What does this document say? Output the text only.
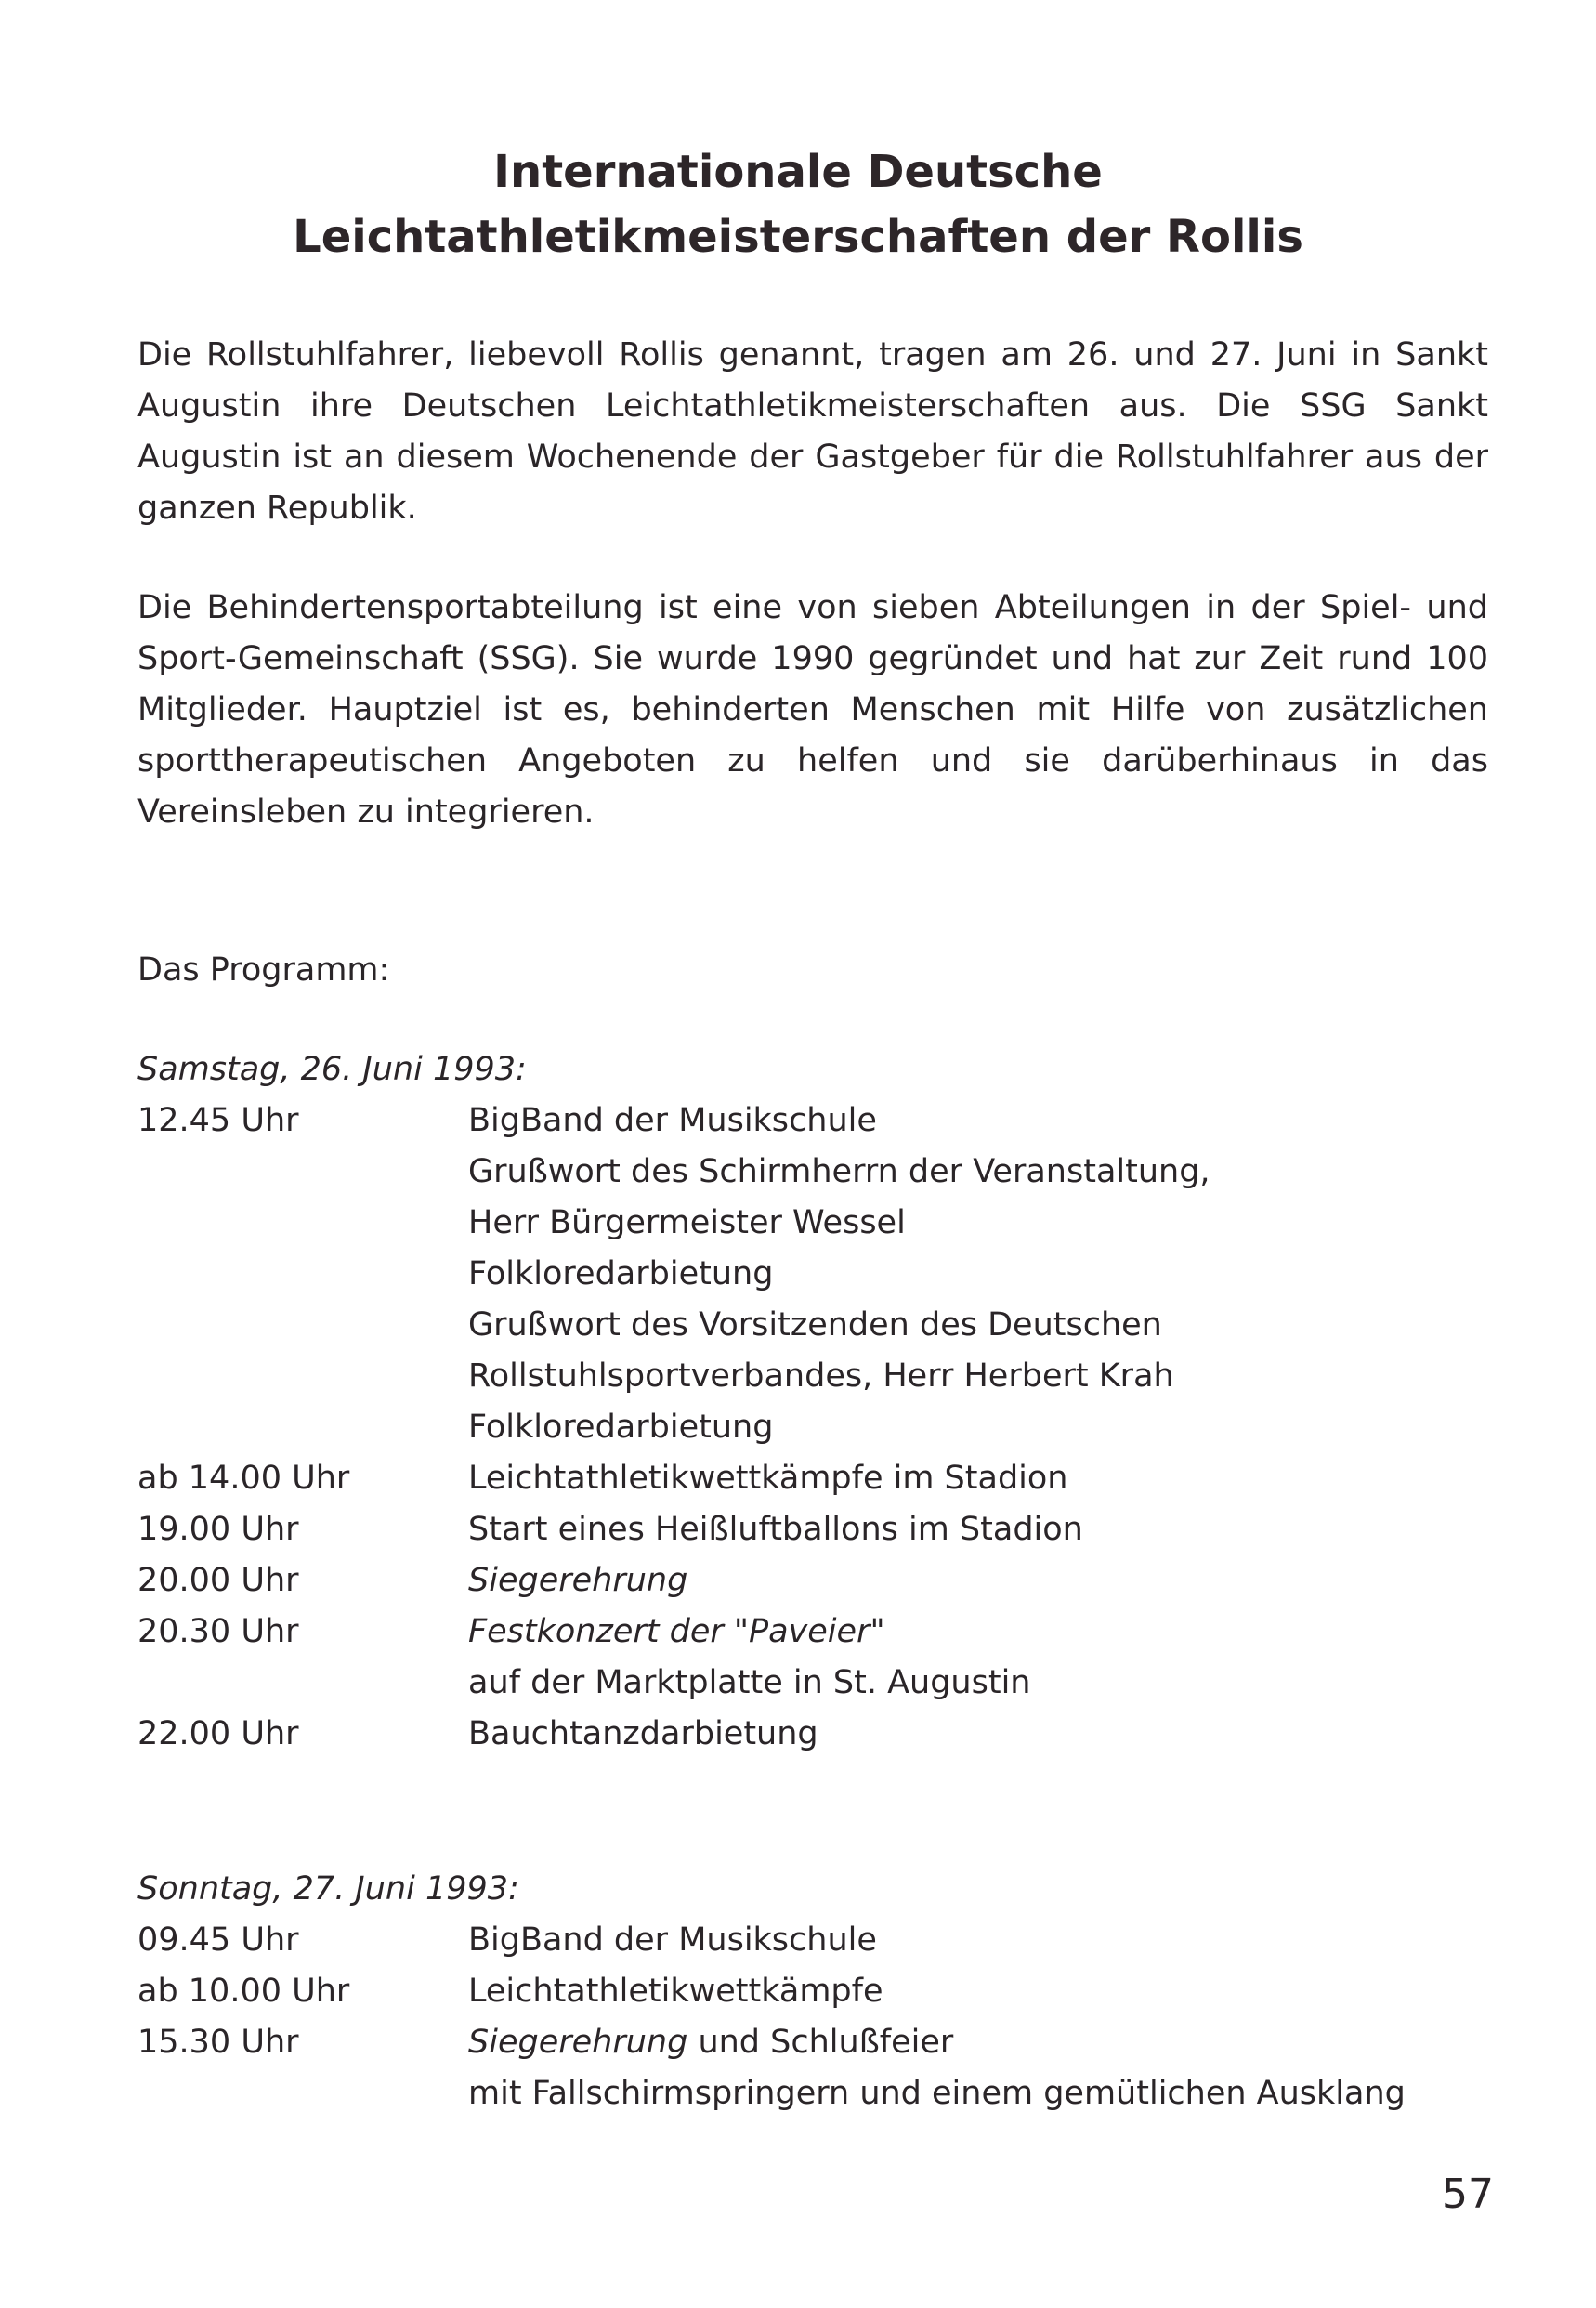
Internationale Deutsche
Leichtathletikmeisterschaften der Rollis

Die Rollstuhlfahrer, liebevoll Rollis genannt, tragen am 26. und 27. Juni in Sankt Augustin ihre Deutschen Leichtathletikmeisterschaften aus. Die SSG Sankt Augustin ist an diesem Wochenende der Gastgeber für die Rollstuhlfahrer aus der ganzen Republik.

Die Behindertensportabteilung ist eine von sieben Abteilungen in der Spiel- und Sport-Gemeinschaft (SSG). Sie wurde 1990 gegründet und hat zur Zeit rund 100 Mitglieder. Hauptziel ist es, behinderten Menschen mit Hilfe von zusätzlichen sporttherapeutischen Angeboten zu helfen und sie darüberhinaus in das Vereinsleben zu integrieren.

Das Programm:
Samstag, 26. Juni 1993:
12.45 Uhr	BigBand der Musikschule
Grußwort des Schirmherrn der Veranstaltung,
Herr Bürgermeister Wessel
Folkloredarbietung
Grußwort des Vorsitzenden des Deutschen
Rollstuhlsportverbandes, Herr Herbert Krah
Folkloredarbietung
ab 14.00 Uhr	Leichtathletikwettkämpfe im Stadion
19.00 Uhr	Start eines Heißluftballons im Stadion
20.00 Uhr	Siegerehrung
20.30 Uhr	Festkonzert der "Paveier"
auf der Marktplatte in St. Augustin
22.00 Uhr	Bauchtanzdarbietung
Sonntag, 27. Juni 1993:
09.45 Uhr	BigBand der Musikschule
ab 10.00 Uhr	Leichtathletikwettkämpfe
15.30 Uhr	Siegerehrung und Schlußfeier
mit Fallschirmspringern und einem gemütlichen Ausklang
57
